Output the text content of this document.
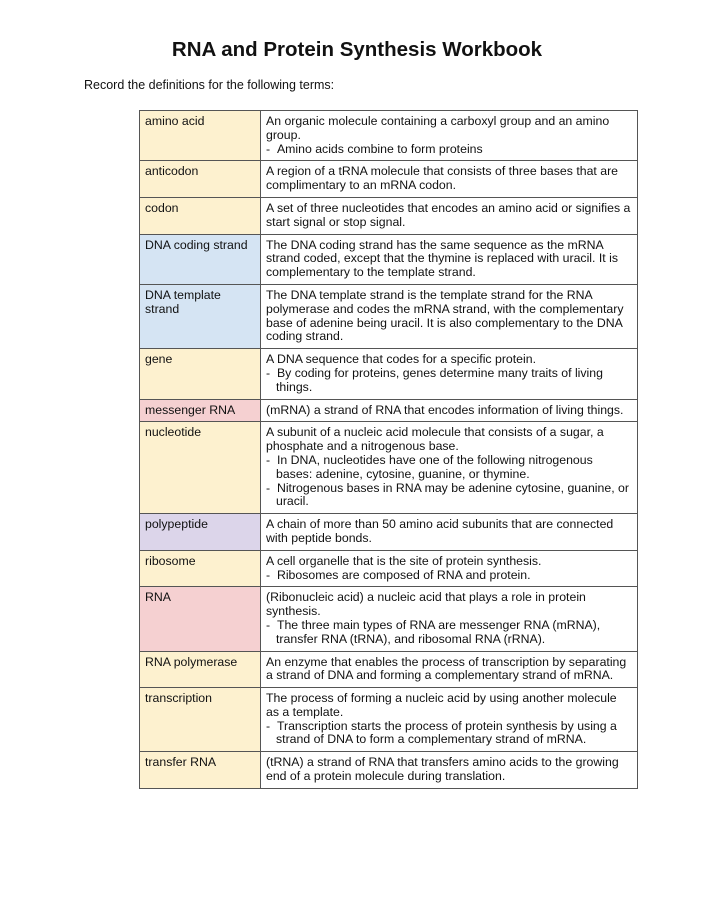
RNA and Protein Synthesis Workbook

Record the definitions for the following terms:

amino acid	An organic molecule containing a carboxyl group and an amino group.
-  Amino acids combine to form proteins

anticodon	A region of a tRNA molecule that consists of three bases that are complimentary to an mRNA codon.

codon	A set of three nucleotides that encodes an amino acid or signifies a start signal or stop signal.

DNA coding strand	The DNA coding strand has the same sequence as the mRNA strand coded, except that the thymine is replaced with uracil. It is complementary to the template strand.

DNA template strand	The DNA template strand is the template strand for the RNA polymerase and codes the mRNA strand, with the complementary base of adenine being uracil. It is also complementary to the DNA coding strand.

gene	A DNA sequence that codes for a specific protein.
-  By coding for proteins, genes determine many traits of living things.

messenger RNA	(mRNA) a strand of RNA that encodes information of living things.

nucleotide	A subunit of a nucleic acid molecule that consists of a sugar, a phosphate and a nitrogenous base.
-  In DNA, nucleotides have one of the following nitrogenous bases: adenine, cytosine, guanine, or thymine.
-  Nitrogenous bases in RNA may be adenine cytosine, guanine, or uracil.

polypeptide	A chain of more than 50 amino acid subunits that are connected with peptide bonds.

ribosome	A cell organelle that is the site of protein synthesis.
-  Ribosomes are composed of RNA and protein.

RNA	(Ribonucleic acid) a nucleic acid that plays a role in protein synthesis.
-  The three main types of RNA are messenger RNA (mRNA), transfer RNA (tRNA), and ribosomal RNA (rRNA).

RNA polymerase	An enzyme that enables the process of transcription by separating a strand of DNA and forming a complementary strand of mRNA.

transcription	The process of forming a nucleic acid by using another molecule as a template.
-  Transcription starts the process of protein synthesis by using a strand of DNA to form a complementary strand of mRNA.

transfer RNA	(tRNA) a strand of RNA that transfers amino acids to the growing end of a protein molecule during translation.
